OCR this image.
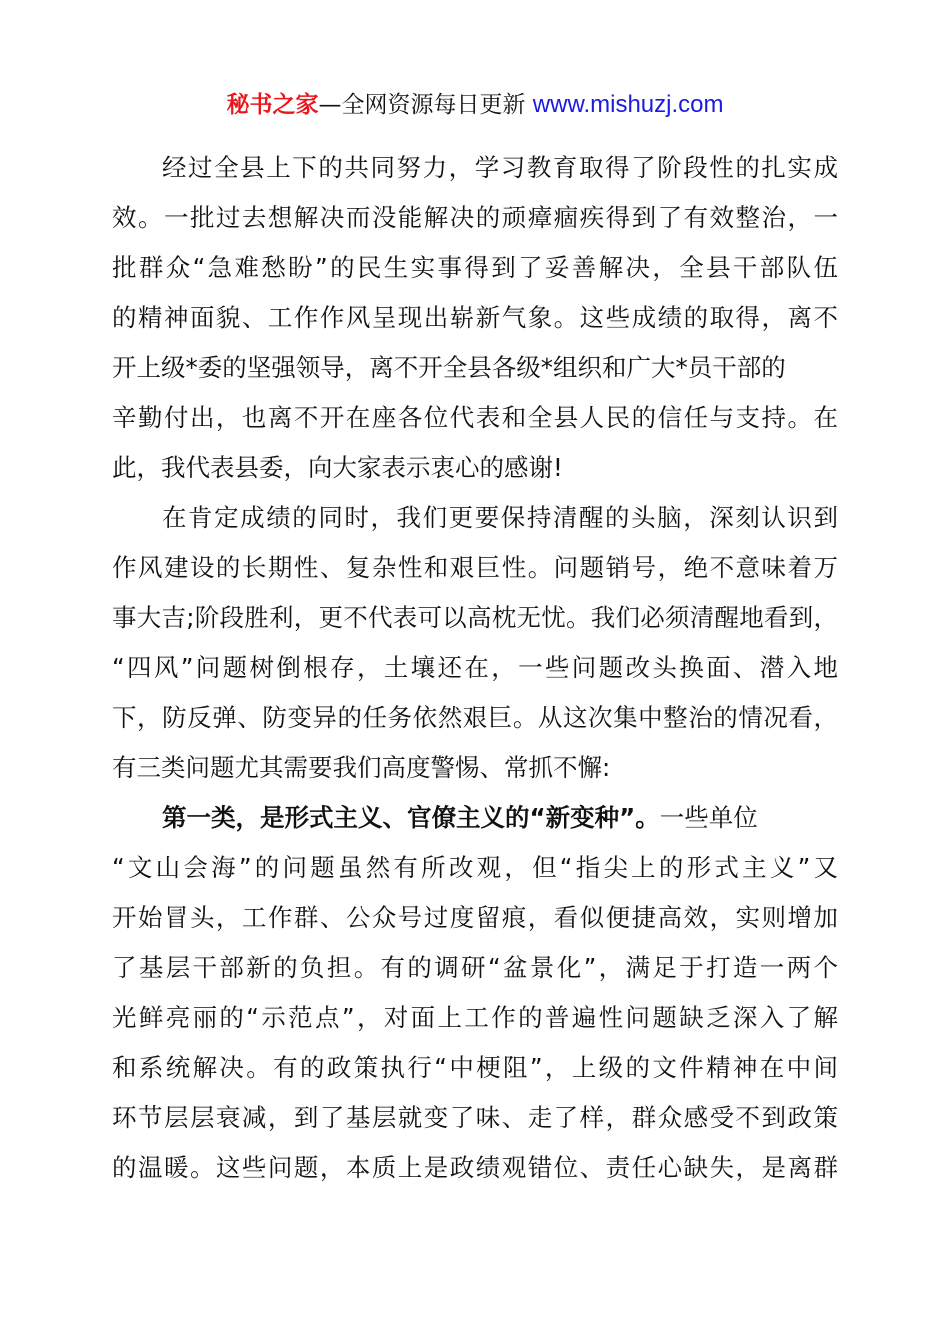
秘书之家—全网资源每日更新 www.mishuzj.com
经过全县上下的共同努力，学习教育取得了阶段性的扎实成
效。一批过去想解决而没能解决的顽瘴痼疾得到了有效整治，一
批群众“急难愁盼”的民生实事得到了妥善解决，全县干部队伍
的精神面貌、工作作风呈现出崭新气象。这些成绩的取得，离不
开上级*委的坚强领导，离不开全县各级*组织和广大*员干部的
辛勤付出，也离不开在座各位代表和全县人民的信任与支持。在
此，我代表县委，向大家表示衷心的感谢!
在肯定成绩的同时，我们更要保持清醒的头脑，深刻认识到
作风建设的长期性、复杂性和艰巨性。问题销号，绝不意味着万
事大吉;阶段胜利，更不代表可以高枕无忧。我们必须清醒地看到，
“四风”问题树倒根存，土壤还在，一些问题改头换面、潜入地
下，防反弹、防变异的任务依然艰巨。从这次集中整治的情况看，
有三类问题尤其需要我们高度警惕、常抓不懈:
第一类，是形式主义、官僚主义的“新变种”。一些单位
“文山会海”的问题虽然有所改观，但“指尖上的形式主义”又
开始冒头，工作群、公众号过度留痕，看似便捷高效，实则增加
了基层干部新的负担。有的调研“盆景化”，满足于打造一两个
光鲜亮丽的“示范点”，对面上工作的普遍性问题缺乏深入了解
和系统解决。有的政策执行“中梗阻”，上级的文件精神在中间
环节层层衰减，到了基层就变了味、走了样，群众感受不到政策
的温暖。这些问题，本质上是政绩观错位、责任心缺失，是离群
